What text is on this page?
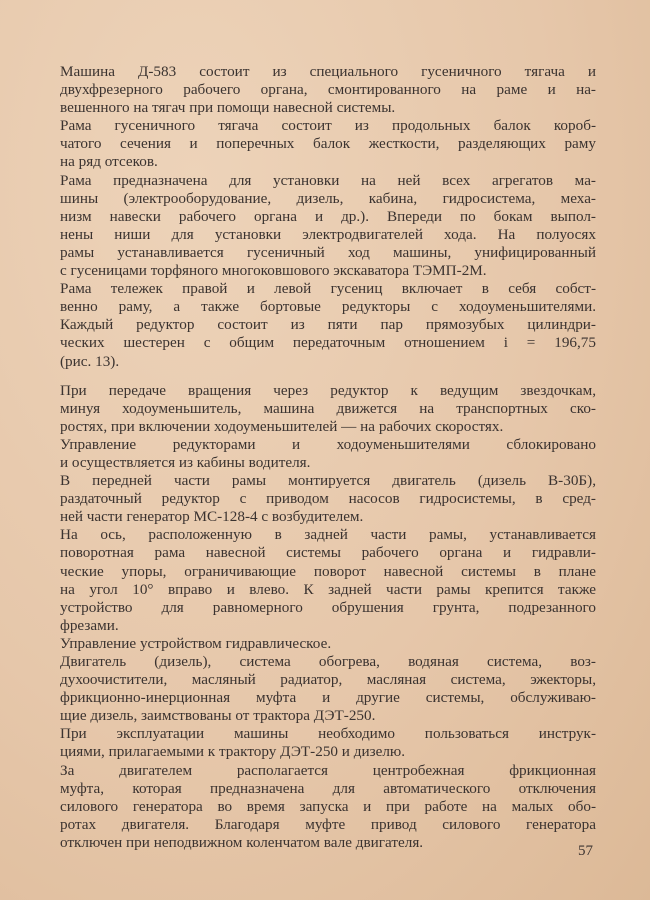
Машина Д-583 состоит из специального гусеничного тягача и
двухфрезерного рабочего органа, смонтированного на раме и на-
вешенного на тягач при помощи навесной системы.
Рама гусеничного тягача состоит из продольных балок короб-
чатого сечения и поперечных балок жесткости, разделяющих раму
на ряд отсеков.
Рама предназначена для установки на ней всех агрегатов ма-
шины (электрооборудование, дизель, кабина, гидросистема, меха-
низм навески рабочего органа и др.). Впереди по бокам выпол-
нены ниши для установки электродвигателей хода. На полуосях
рамы устанавливается гусеничный ход машины, унифицированный
с гусеницами торфяного многоковшового экскаватора ТЭМП-2М.
Рама тележек правой и левой гусениц включает в себя собст-
венно раму, а также бортовые редукторы с ходоуменьшителями.
Каждый редуктор состоит из пяти пар прямозубых цилиндри-
ческих шестерен с общим передаточным отношением i = 196,75
(рис. 13).
При передаче вращения через редуктор к ведущим звездочкам,
минуя ходоуменьшитель, машина движется на транспортных ско-
ростях, при включении ходоуменьшителей — на рабочих скоростях.
Управление редукторами и ходоуменьшителями сблокировано
и осуществляется из кабины водителя.
В передней части рамы монтируется двигатель (дизель В-30Б),
раздаточный редуктор с приводом насосов гидросистемы, в сред-
ней части генератор МС-128-4 с возбудителем.
На ось, расположенную в задней части рамы, устанавливается
поворотная рама навесной системы рабочего органа и гидравли-
ческие упоры, ограничивающие поворот навесной системы в плане
на угол 10° вправо и влево. К задней части рамы крепится также
устройство для равномерного обрушения грунта, подрезанного
фрезами.
Управление устройством гидравлическое.
Двигатель (дизель), система обогрева, водяная система, воз-
духоочистители, масляный радиатор, масляная система, эжекторы,
фрикционно-инерционная муфта и другие системы, обслуживаю-
щие дизель, заимствованы от трактора ДЭТ-250.
При эксплуатации машины необходимо пользоваться инструк-
циями, прилагаемыми к трактору ДЭТ-250 и дизелю.
За двигателем располагается центробежная фрикционная
муфта, которая предназначена для автоматического отключения
силового генератора во время запуска и при работе на малых обо-
ротах двигателя. Благодаря муфте привод силового генератора
отключен при неподвижном коленчатом вале двигателя.
57
